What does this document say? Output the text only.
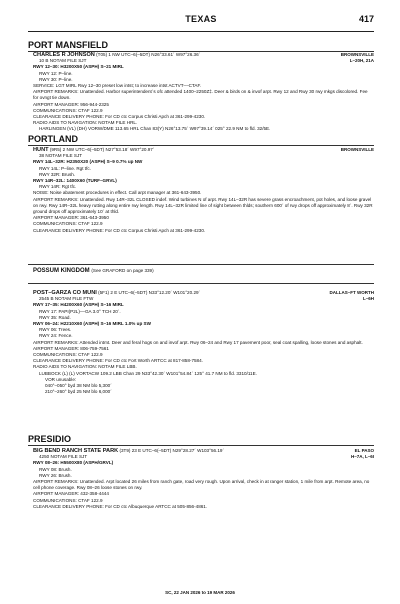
TEXAS	417
PORT MANSFIELD
BROWNSVILLE
L–20H, 21A
CHARLES R JOHNSON (T05) 1 NW UTC–6(–5DT) N26°33.61´ W97°26.36´
10 B NOTAM FILE SJT
RWY 12–30: H3200X50 (ASPH) S–21 MIRL
RWY 12: P–line.
RWY 30: P–line.
SERVICE: LGT MIRL Rwy 12–30 preset low intst; to increase intst ACTVT––CTAF.
AIRPORT REMARKS: Unattended. Harbor superintendent´s ofc attended 1400–2250Z‡. Deer & birds on & invof arpt. Rwy 12 and Rwy 30 rwy mkgs discolored. Fee for ovngt tie down.
AIRPORT MANAGER: 956-944-2325
COMMUNICATIONS: CTAF 122.9
CLEARANCE DELIVERY PHONE: For CD ctc Corpus Christi Apch at 361-299-4230.
RADIO AIDS TO NAVIGATION: NOTAM FILE HRL.
HARLINGEN (VL) (DH) VORW/DME 113.65 HRL Chan 83(Y) N26°13.75´ W97°39.14´ 025° 22.9 NM to fld. 32/5E.
PORTLAND
BROWNSVILLE
HUNT (9R5) 2 NW UTC–6(–5DT) N27°53.18´ W97°20.97´
38 NOTAM FILE SJT
RWY 14L–32R: H2350X20 (ASPH) S–9 0.7% up NW
RWY 14L: P–line. Rgt tfc.
RWY 32R: Brush.
RWY 14R–32L: 1400X60 (TURF–GRVL)
RWY 14R: Rgt tfc.
NOISE: Noise abatement procedures in effect. Call arpt manager at 361-643-3950.
AIRPORT REMARKS: Unattended. Rwy 14R–32L CLOSED indef. Wind turbines N of arpt. Rwy 14L–32R has severe grass encroachment, pot holes, and loose gravel on rwy. Rwy 14R–32L heavy rutting along entire rwy length. Rwy 14L–32R limited line of sight between thlds; southern 600´ of rwy drops off approximately 8´. Rwy 32R ground drops off approximately 10´ at thld.
AIRPORT MANAGER: 361-643-3950
COMMUNICATIONS: CTAF 122.9
CLEARANCE DELIVERY PHONE: For CD ctc Corpus Christi Apch at 361-299-4230.
POSSUM KINGDOM (See GRAFORD on page 339)
DALLAS–FT WORTH
L–6H
POST–GARZA CO MUNI (5F1) 2 E UTC–6(–5DT) N33°12.20´ W101°20.29´
2545 B NOTAM FILE FTW
RWY 17–35: H4200X60 (ASPH) S–16 MIRL
RWY 17: PAPI(P2L)––GA 3.0° TCH 20´.
RWY 35: Road.
RWY 06–24: H2210X60 (ASPH) S–16 MIRL 1.0% up SW
RWY 06: Trees.
RWY 24: Fence.
AIRPORT REMARKS: Attended intmt. Deer and feral hogs on and invof arpt. Rwy 06–24 and Rwy 17 pavement poor, seal coat spalling, loose stones and asphalt.
AIRPORT MANAGER: 806-759-7561
COMMUNICATIONS: CTAF 122.9
CLEARANCE DELIVERY PHONE: For CD ctc Fort Worth ARTCC at 817-858-7584.
RADIO AIDS TO NAVIGATION: NOTAM FILE LBB.
LUBBOCK (L) (L) VORTACW 109.2 LBB Chan 29 N33°42.30´ W101°54.84´ 125° 41.7 NM to fld. 3310/11E.
VOR unusable:
040°–050° byd 38 NM blo 5,300´
210°–260° byd 25 NM blo 6,000´
PRESIDIO
EL PASO
H–7A, L–6I
BIG BEND RANCH STATE PARK (3T9) 23 E UTC–6(–5DT) N29°28.27´ W103°56.19´
4250 NOTAM FILE SJT
RWY 08–26: H5500X80 (ASPH/GRVL)
RWY 08: Brush.
RWY 26: Brush.
AIRPORT REMARKS: Unattended. Arpt located 26 miles from ranch gate, road very rough. Upon arrival, check in at ranger station, 1 mile from arpt. Remote area, no cell phone coverage. Rwy 08–26 loose stones on rwy.
AIRPORT MANAGER: 432-358-4444
COMMUNICATIONS: CTAF 122.9
CLEARANCE DELIVERY PHONE: For CD ctc Albuquerque ARTCC at 505-856-4861.
SC, 22 JAN 2026 to 19 MAR 2026
